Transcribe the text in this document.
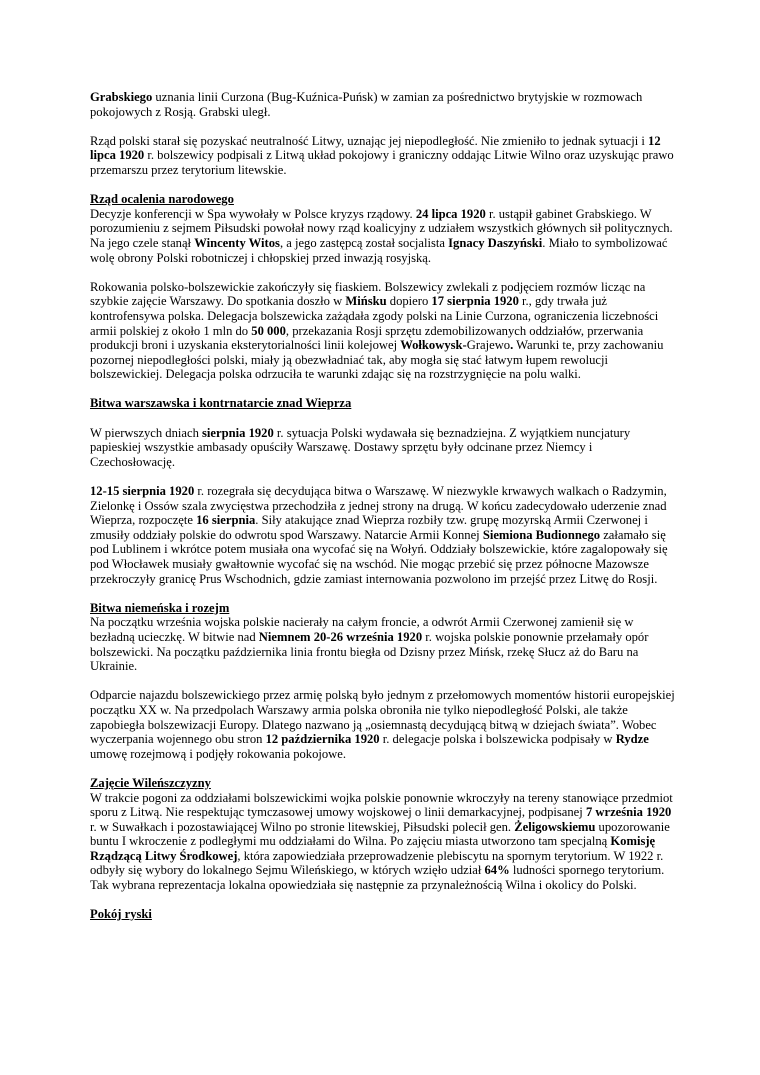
Grabskiego uznania linii Curzona (Bug-Kuźnica-Puńsk) w zamian za pośrednictwo brytyjskie w rozmowach pokojowych z Rosją. Grabski uległ.

Rząd polski starał się pozyskać neutralność Litwy, uznając jej niepodległość. Nie zmieniło to jednak sytuacji i 12 lipca 1920 r. bolszewicy podpisali z Litwą układ pokojowy i graniczny oddając Litwie Wilno oraz uzyskując prawo przemarszu przez terytorium litewskie.

Rząd ocalenia narodowego

Decyzje konferencji w Spa wywołały w Polsce kryzys rządowy. 24 lipca 1920 r. ustąpił gabinet Grabskiego. W porozumieniu z sejmem Piłsudski powołał nowy rząd koalicyjny z udziałem wszystkich głównych sił politycznych. Na jego czele stanął Wincenty Witos, a jego zastępcą został socjalista Ignacy Daszyński. Miało to symbolizować wolę obrony Polski robotniczej i chłopskiej przed inwazją rosyjską.

Rokowania polsko-bolszewickie zakończyły się fiaskiem. Bolszewicy zwlekali z podjęciem rozmów licząc na szybkie zajęcie Warszawy. Do spotkania doszło w Mińsku dopiero 17 sierpnia 1920 r., gdy trwała już kontrofensywa polska. Delegacja bolszewicka zażądała zgody polski na Linie Curzona, ograniczenia liczebności armii polskiej z około 1 mln do 50 000, przekazania Rosji sprzętu zdemobilizowanych oddziałów, przerwania produkcji broni i uzyskania eksterytorialności linii kolejowej Wołkowysk-Grajewo. Warunki te, przy zachowaniu pozornej niepodległości polski, miały ją obezwładniać tak, aby mogła się stać łatwym łupem rewolucji bolszewickiej. Delegacja polska odrzuciła te warunki zdając się na rozstrzygnięcie na polu walki.

Bitwa warszawska i kontrnatarcie znad Wieprza

W pierwszych dniach sierpnia 1920 r. sytuacja Polski wydawała się beznadziejna. Z wyjątkiem nuncjatury papieskiej wszystkie ambasady opuściły Warszawę. Dostawy sprzętu były odcinane przez Niemcy i Czechosłowację.

12-15 sierpnia 1920 r. rozegrała się decydująca bitwa o Warszawę. W niezwykle krwawych walkach o Radzymin, Zielonkę i Ossów szala zwycięstwa przechodziła z jednej strony na drugą. W końcu zadecydowało uderzenie znad Wieprza, rozpoczęte 16 sierpnia. Siły atakujące znad Wieprza rozbiły tzw. grupę mozyrską Armii Czerwonej i zmusiły oddziały polskie do odwrotu spod Warszawy. Natarcie Armii Konnej Siemiona Budionnego załamało się pod Lublinem i wkrótce potem musiała ona wycofać się na Wołyń. Oddziały bolszewickie, które zagalopowały się pod Włocławek musiały gwałtownie wycofać się na wschód. Nie mogąc przebić się przez północne Mazowsze przekroczyły granicę Prus Wschodnich, gdzie zamiast internowania pozwolono im przejść przez Litwę do Rosji.

Bitwa niemeńska i rozejm

Na początku września wojska polskie nacierały na całym froncie, a odwrót Armii Czerwonej zamienił się w bezładną ucieczkę. W bitwie nad Niemnem 20-26 września 1920 r. wojska polskie ponownie przełamały opór bolszewicki. Na początku października linia frontu biegła od Dzisny przez Mińsk, rzekę Słucz aż do Baru na Ukrainie.

Odparcie najazdu bolszewickiego przez armię polską było jednym z przełomowych momentów historii europejskiej początku XX w. Na przedpolach Warszawy armia polska obroniła nie tylko niepodległość Polski, ale także zapobiegła bolszewizacji Europy. Dlatego nazwano ją „osiemnastą decydującą bitwą w dziejach świata”. Wobec wyczerpania wojennego obu stron 12 października 1920 r. delegacje polska i bolszewicka podpisały w Rydze umowę rozejmową i podjęły rokowania pokojowe.

Zajęcie Wileńszczyzny

W trakcie pogoni za oddziałami bolszewickimi wojka polskie ponownie wkroczyły na tereny stanowiące przedmiot sporu z Litwą. Nie respektując tymczasowej umowy wojskowej o linii demarkacyjnej, podpisanej 7 września 1920 r. w Suwałkach i pozostawiającej Wilno po stronie litewskiej, Piłsudski polecił gen. Żeligowskiemu upozorowanie buntu I wkroczenie z podległymi mu oddziałami do Wilna. Po zajęciu miasta utworzono tam specjalną Komisję Rządzącą Litwy Środkowej, która zapowiedziała przeprowadzenie plebiscytu na spornym terytorium. W 1922 r. odbyły się wybory do lokalnego Sejmu Wileńskiego, w których wzięło udział 64% ludności spornego terytorium. Tak wybrana reprezentacja lokalna opowiedziała się następnie za przynależnością Wilna i okolicy do Polski.

Pokój ryski
